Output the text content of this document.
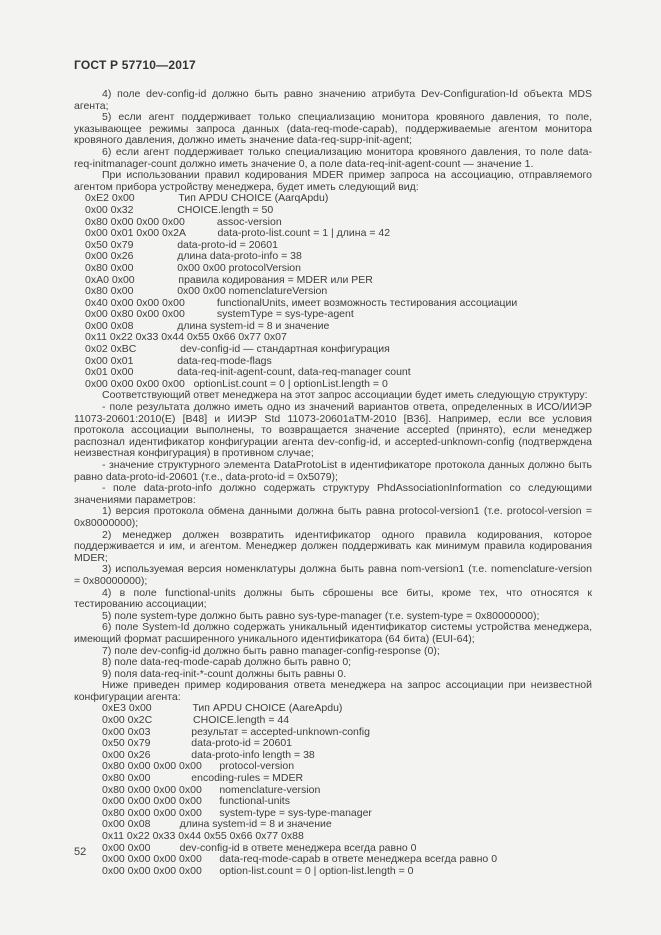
ГОСТ Р 57710—2017
4) поле dev-config-id должно быть равно значению атрибута Dev-Configuration-Id объекта MDS агента;
5) если агент поддерживает только специализацию монитора кровяного давления, то поле, указывающее режимы запроса данных (data-req-mode-capab), поддерживаемые агентом монитора кровяного давления, должно иметь значение data-req-supp-init-agent;
6) если агент поддерживает только специализацию монитора кровяного давления, то поле data-req-initmanager-count должно иметь значение 0, а поле data-req-init-agent-count — значение 1.
При использовании правил кодирования MDER пример запроса на ассоциацию, отправляемого агентом прибора устройству менеджера, будет иметь следующий вид:
0xE2 0x00               Тип APDU CHOICE (AarqApdu)
0x00 0x32               CHOICE.length = 50
0x80 0x00 0x00 0x00           assoc-version
0x00 0x01 0x00 0x2A           data-proto-list.count = 1 | длина = 42
0x50 0x79               data-proto-id = 20601
0x00 0x26               длина data-proto-info = 38
0x80 0x00               0x00 0x00 protocolVersion
0xA0 0x00               правила кодирования = MDER или PER
0x80 0x00               0x00 0x00 nomenclatureVersion
0x40 0x00 0x00 0x00           functionalUnits, имеет возможность тестирования ассоциации
0x00 0x80 0x00 0x00           systemType = sys-type-agent
0x00 0x08               длина system-id = 8 и значение
0x11 0x22 0x33 0x44 0x55 0x66 0x77 0x07
0x02 0xBC               dev-config-id — стандартная конфигурация
0x00 0x01               data-req-mode-flags
0x01 0x00               data-req-init-agent-count, data-req-manager count
0x00 0x00 0x00 0x00   optionList.count = 0 | optionList.length = 0
Соответствующий ответ менеджера на этот запрос ассоциации будет иметь следующую структуру:
- поле результата должно иметь одно из значений вариантов ответа, определенных в ИСО/ИИЭР 11073-20601:2010(E) [B48] и ИИЭР Std 11073-20601aTM-2010 [B36]. Например, если все условия протокола ассоциации выполнены, то возвращается значение accepted (принято), если менеджер распознал идентификатор конфигурации агента dev-config-id, и accepted-unknown-config (подтверждена неизвестная конфигурация) в противном случае;
- значение структурного элемента DataProtoList в идентификаторе протокола данных должно быть равно data-proto-id-20601 (т.е., data-proto-id = 0x5079);
- поле data-proto-info должно содержать структуру PhdAssociationInformation со следующими значениями параметров:
1) версия протокола обмена данными должна быть равна protocol-version1 (т.е. protocol-version = 0x80000000);
2) менеджер должен возвратить идентификатор одного правила кодирования, которое поддерживается и им, и агентом. Менеджер должен поддерживать как минимум правила кодирования MDER;
3) используемая версия номенклатуры должна быть равна nom-version1 (т.е. nomenclature-version = 0x80000000);
4) в поле functional-units должны быть сброшены все биты, кроме тех, что относятся к тестированию ассоциации;
5) поле system-type должно быть равно sys-type-manager (т.е. system-type = 0x80000000);
6) поле System-Id должно содержать уникальный идентификатор системы устройства менеджера, имеющий формат расширенного уникального идентификатора (64 бита) (EUI-64);
7) поле dev-config-id должно быть равно manager-config-response (0);
8) поле data-req-mode-capab должно быть равно 0;
9) поля data-req-init-*-count должны быть равны 0.
Ниже приведен пример кодирования ответа менеджера на запрос ассоциации при неизвестной конфигурации агента:
0xE3 0x00              Тип APDU CHOICE (AareApdu)
0x00 0x2C              CHOICE.length = 44
0x00 0x03              результат = accepted-unknown-config
0x50 0x79              data-proto-id = 20601
0x00 0x26              data-proto-info length = 38
0x80 0x00 0x00 0x00      protocol-version
0x80 0x00              encoding-rules = MDER
0x80 0x00 0x00 0x00      nomenclature-version
0x00 0x00 0x00 0x00      functional-units
0x80 0x00 0x00 0x00      system-type = sys-type-manager
0x00 0x08          длина system-id = 8 и значение
0x11 0x22 0x33 0x44 0x55 0x66 0x77 0x88
0x00 0x00          dev-config-id в ответе менеджера всегда равно 0
0x00 0x00 0x00 0x00      data-req-mode-capab в ответе менеджера всегда равно 0
0x00 0x00 0x00 0x00      option-list.count = 0 | option-list.length = 0
52
